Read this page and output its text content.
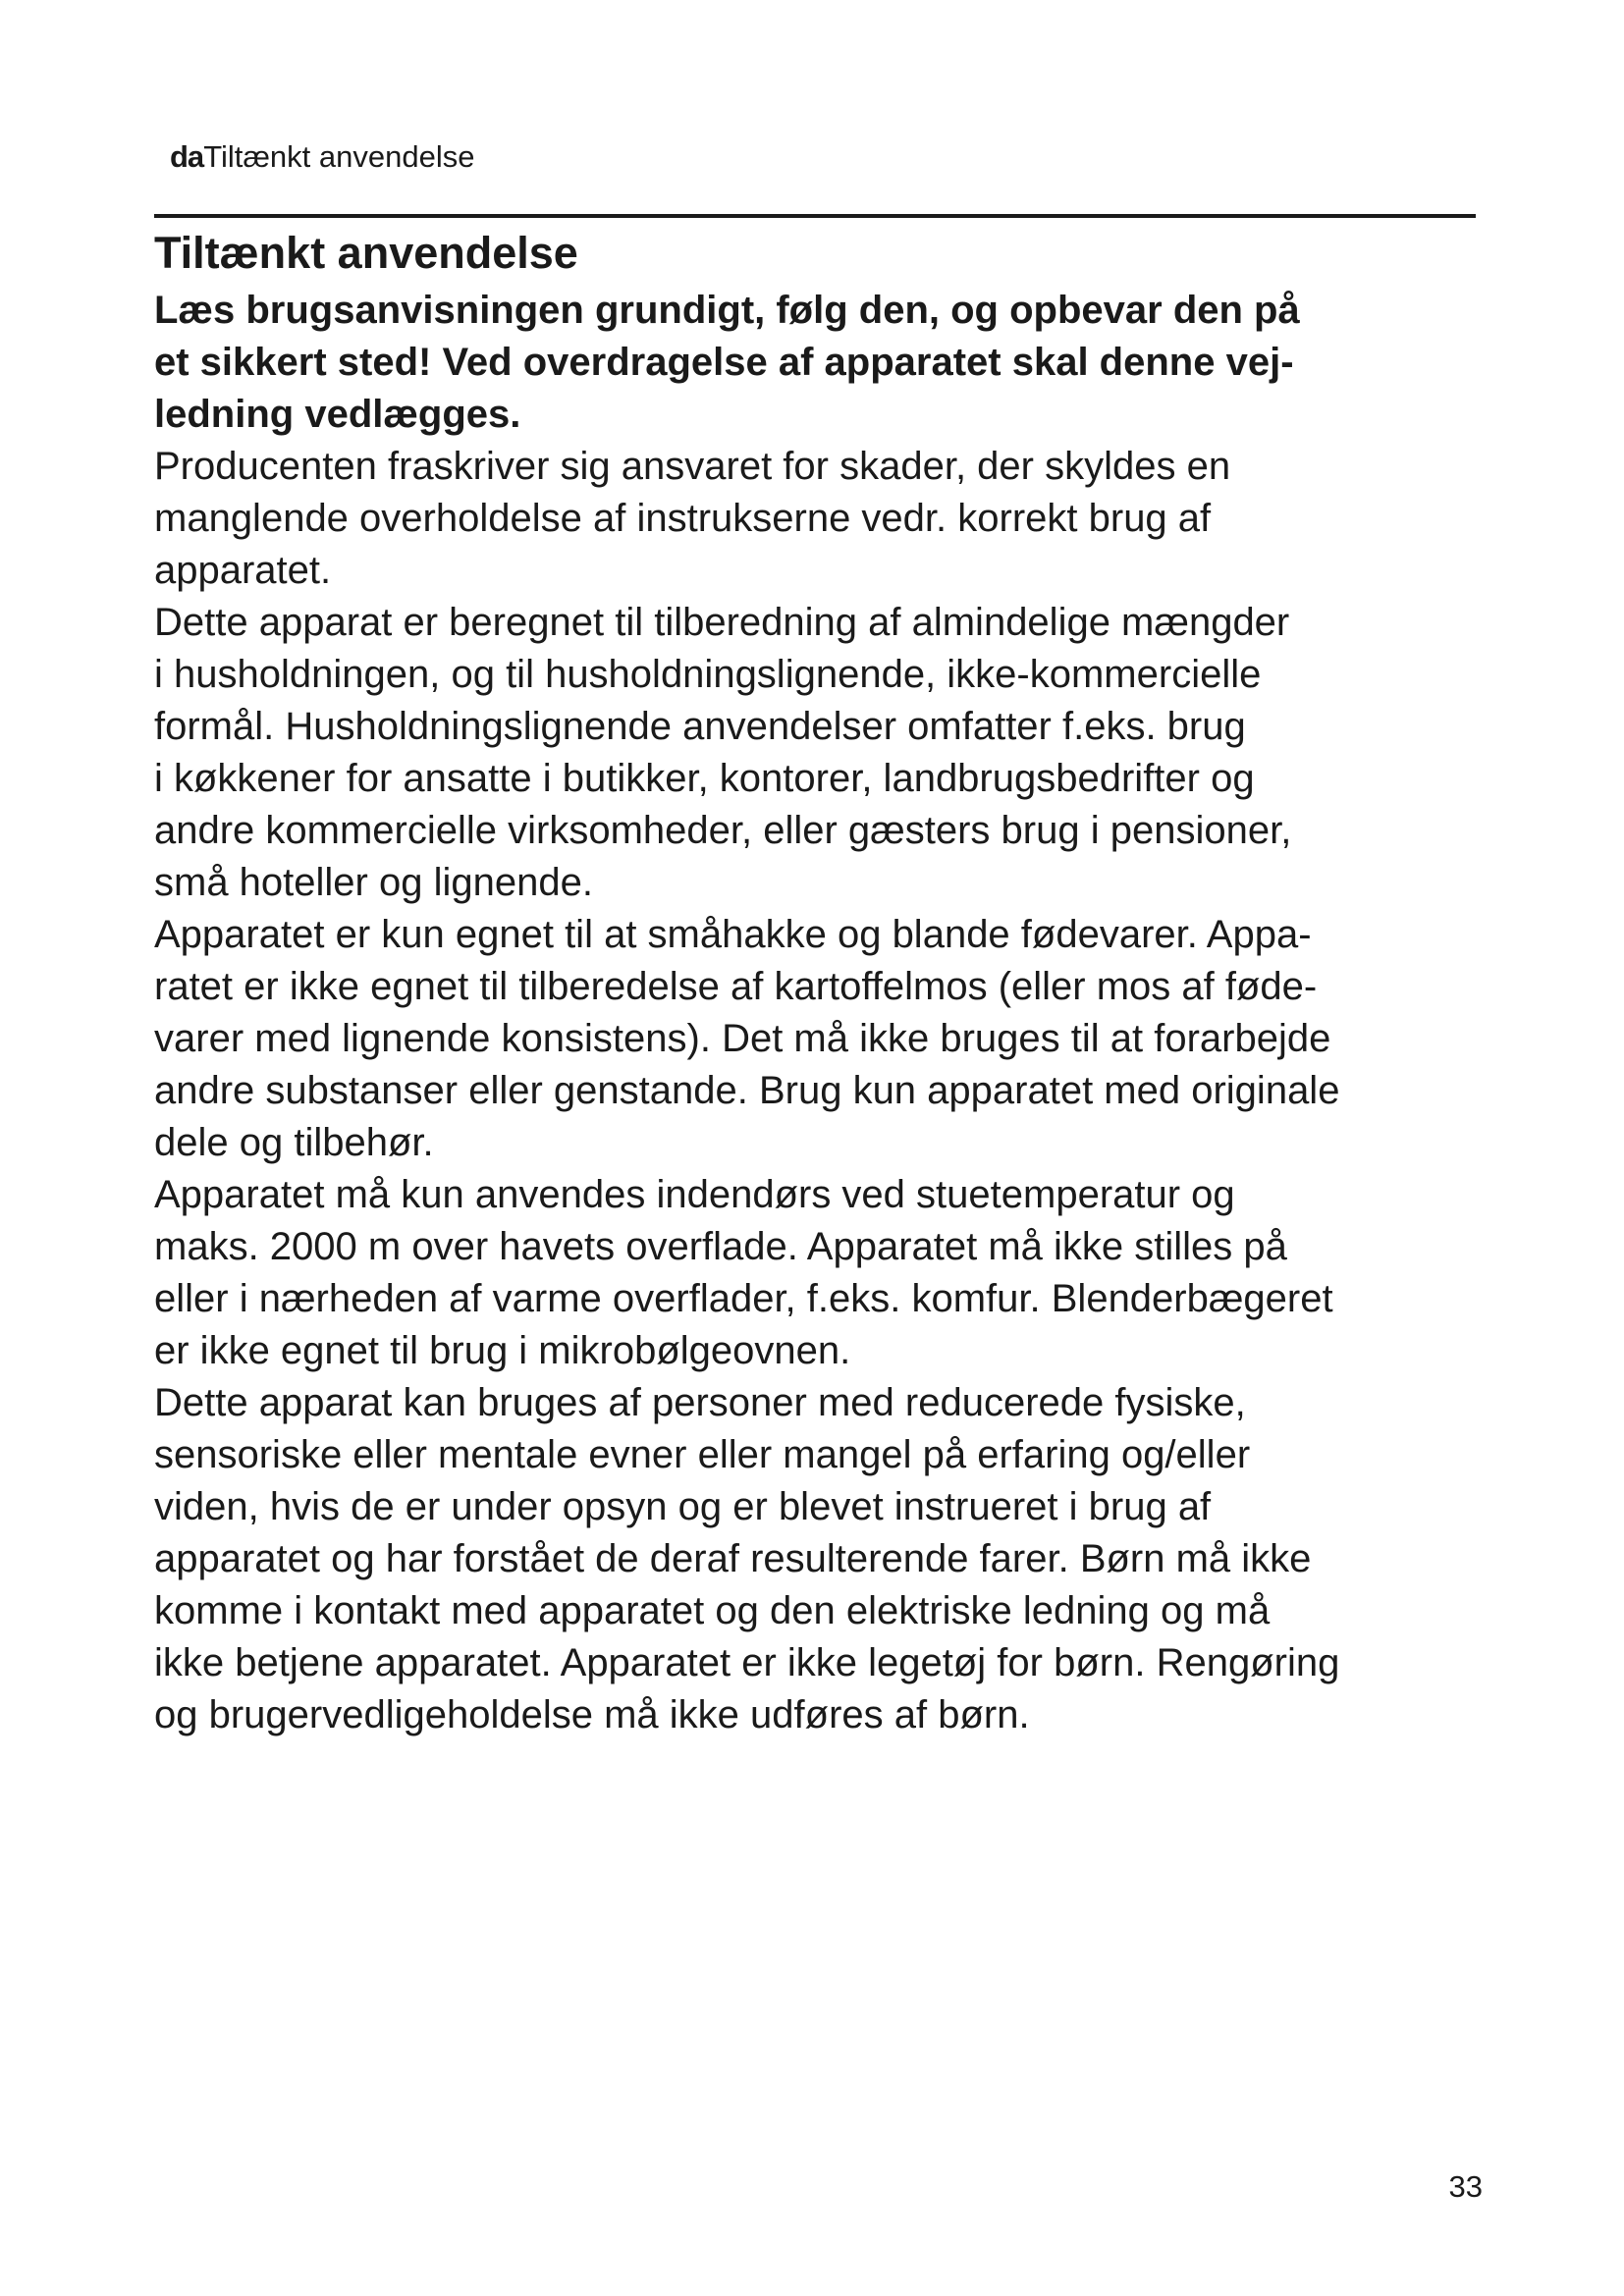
daTiltænkt anvendelse
Tiltænkt anvendelse
Læs brugsanvisningen grundigt, følg den, og opbevar den på
et sikkert sted! Ved overdragelse af apparatet skal denne vej-
ledning vedlægges.
Producenten fraskriver sig ansvaret for skader, der skyldes en
manglende overholdelse af instrukserne vedr. korrekt brug af
apparatet.
Dette apparat er beregnet til tilberedning af almindelige mængder
i husholdningen, og til husholdningslignende, ikke-kommercielle
formål. Husholdningslignende anvendelser omfatter f.eks. brug
i køkkener for ansatte i butikker, kontorer, landbrugsbedrifter og
andre kommercielle virksomheder, eller gæsters brug i pensioner,
små hoteller og lignende.
Apparatet er kun egnet til at småhakke og blande fødevarer. Appa-
ratet er ikke egnet til tilberedelse af kartoffelmos (eller mos af føde-
varer med lignende konsistens). Det må ikke bruges til at forarbejde
andre substanser eller genstande. Brug kun apparatet med originale
dele og tilbehør.
Apparatet må kun anvendes indendørs ved stuetemperatur og
maks. 2000 m over havets overflade. Apparatet må ikke stilles på
eller i nærheden af varme overflader, f.eks. komfur. Blenderbægeret
er ikke egnet til brug i mikrobølgeovnen.
Dette apparat kan bruges af personer med reducerede fysiske,
sensoriske eller mentale evner eller mangel på erfaring og/eller
viden, hvis de er under opsyn og er blevet instrueret i brug af
apparatet og har forstået de deraf resulterende farer. Børn må ikke
komme i kontakt med apparatet og den elektriske ledning og må
ikke betjene apparatet. Apparatet er ikke legetøj for børn. Rengøring
og brugervedligeholdelse må ikke udføres af børn.
33
